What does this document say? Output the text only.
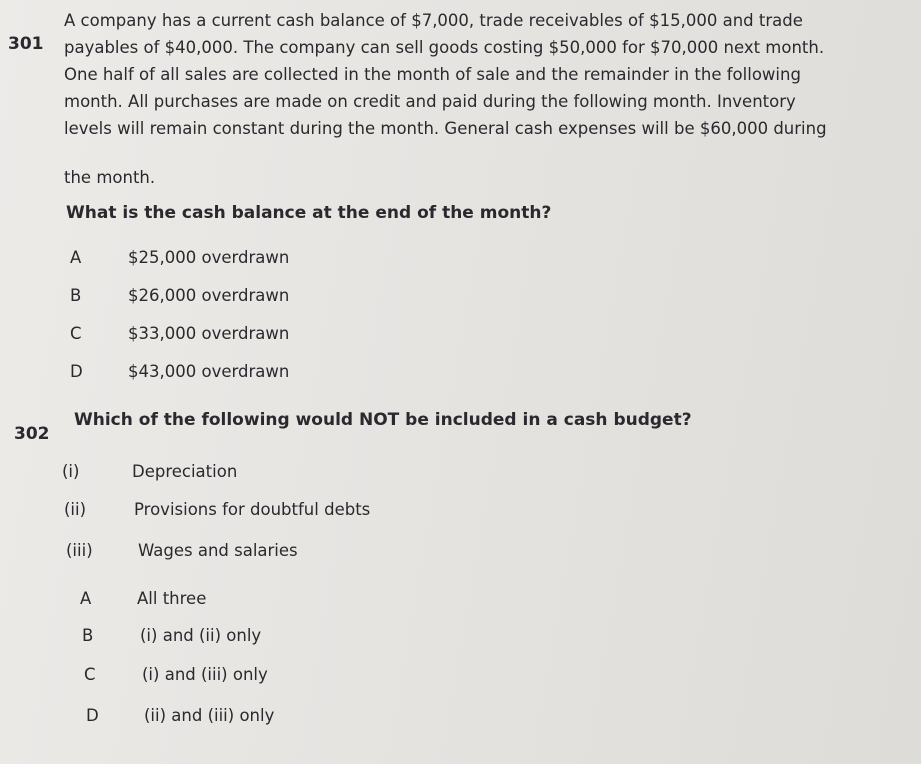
301
A company has a current cash balance of $7,000, trade receivables of $15,000 and trade
payables of $40,000. The company can sell goods costing $50,000 for $70,000 next month.
One half of all sales are collected in the month of sale and the remainder in the following
month. All purchases are made on credit and paid during the following month. Inventory
levels will remain constant during the month. General cash expenses will be $60,000 during
the month.
What is the cash balance at the end of the month?
A	$25,000 overdrawn
B	$26,000 overdrawn
C	$33,000 overdrawn
D	$43,000 overdrawn
302
Which of the following would NOT be included in a cash budget?
(i)	Depreciation
(ii)	Provisions for doubtful debts
(iii)	Wages and salaries
A	All three
B	(i) and (ii) only
C	(i) and (iii) only
D	(ii) and (iii) only
